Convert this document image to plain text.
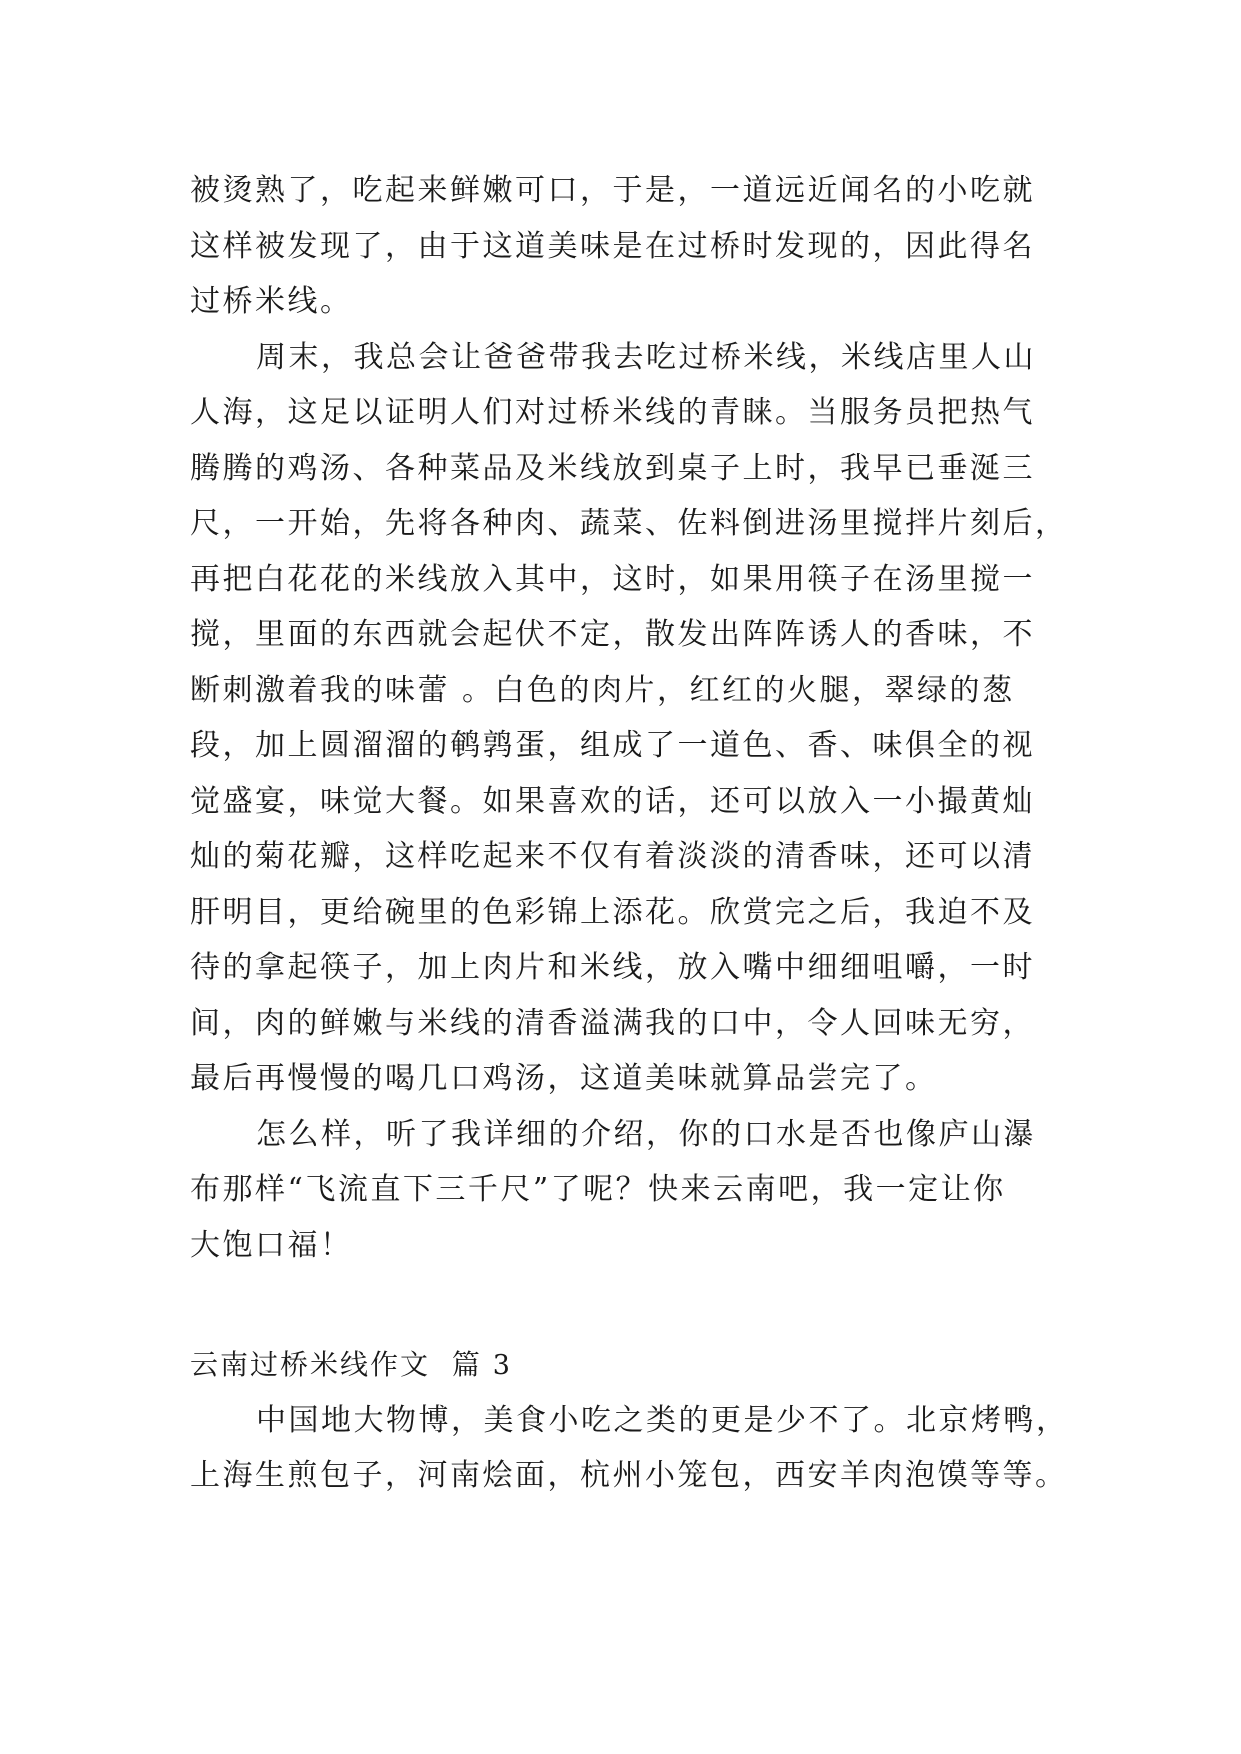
被烫熟了，吃起来鲜嫩可口，于是，一道远近闻名的小吃就
这样被发现了，由于这道美味是在过桥时发现的，因此得名
过桥米线。
周末，我总会让爸爸带我去吃过桥米线，米线店里人山
人海，这足以证明人们对过桥米线的青睐。当服务员把热气
腾腾的鸡汤、各种菜品及米线放到桌子上时，我早已垂涎三
尺，一开始，先将各种肉、蔬菜、佐料倒进汤里搅拌片刻后，
再把白花花的米线放入其中，这时，如果用筷子在汤里搅一
搅，里面的东西就会起伏不定，散发出阵阵诱人的香味，不
断刺激着我的味蕾 。白色的肉片，红红的火腿，翠绿的葱
段，加上圆溜溜的鹌鹑蛋，组成了一道色、香、味俱全的视
觉盛宴，味觉大餐。如果喜欢的话，还可以放入一小撮黄灿
灿的菊花瓣，这样吃起来不仅有着淡淡的清香味，还可以清
肝明目，更给碗里的色彩锦上添花。欣赏完之后，我迫不及
待的拿起筷子，加上肉片和米线，放入嘴中细细咀嚼，一时
间，肉的鲜嫩与米线的清香溢满我的口中，令人回味无穷，
最后再慢慢的喝几口鸡汤，这道美味就算品尝完了。
怎么样，听了我详细的介绍，你的口水是否也像庐山瀑
布那样“飞流直下三千尺”了呢？快来云南吧，我一定让你
大饱口福！
云南过桥米线作文 篇 3
中国地大物博，美食小吃之类的更是少不了。北京烤鸭，
上海生煎包子，河南烩面，杭州小笼包，西安羊肉泡馍等等。
